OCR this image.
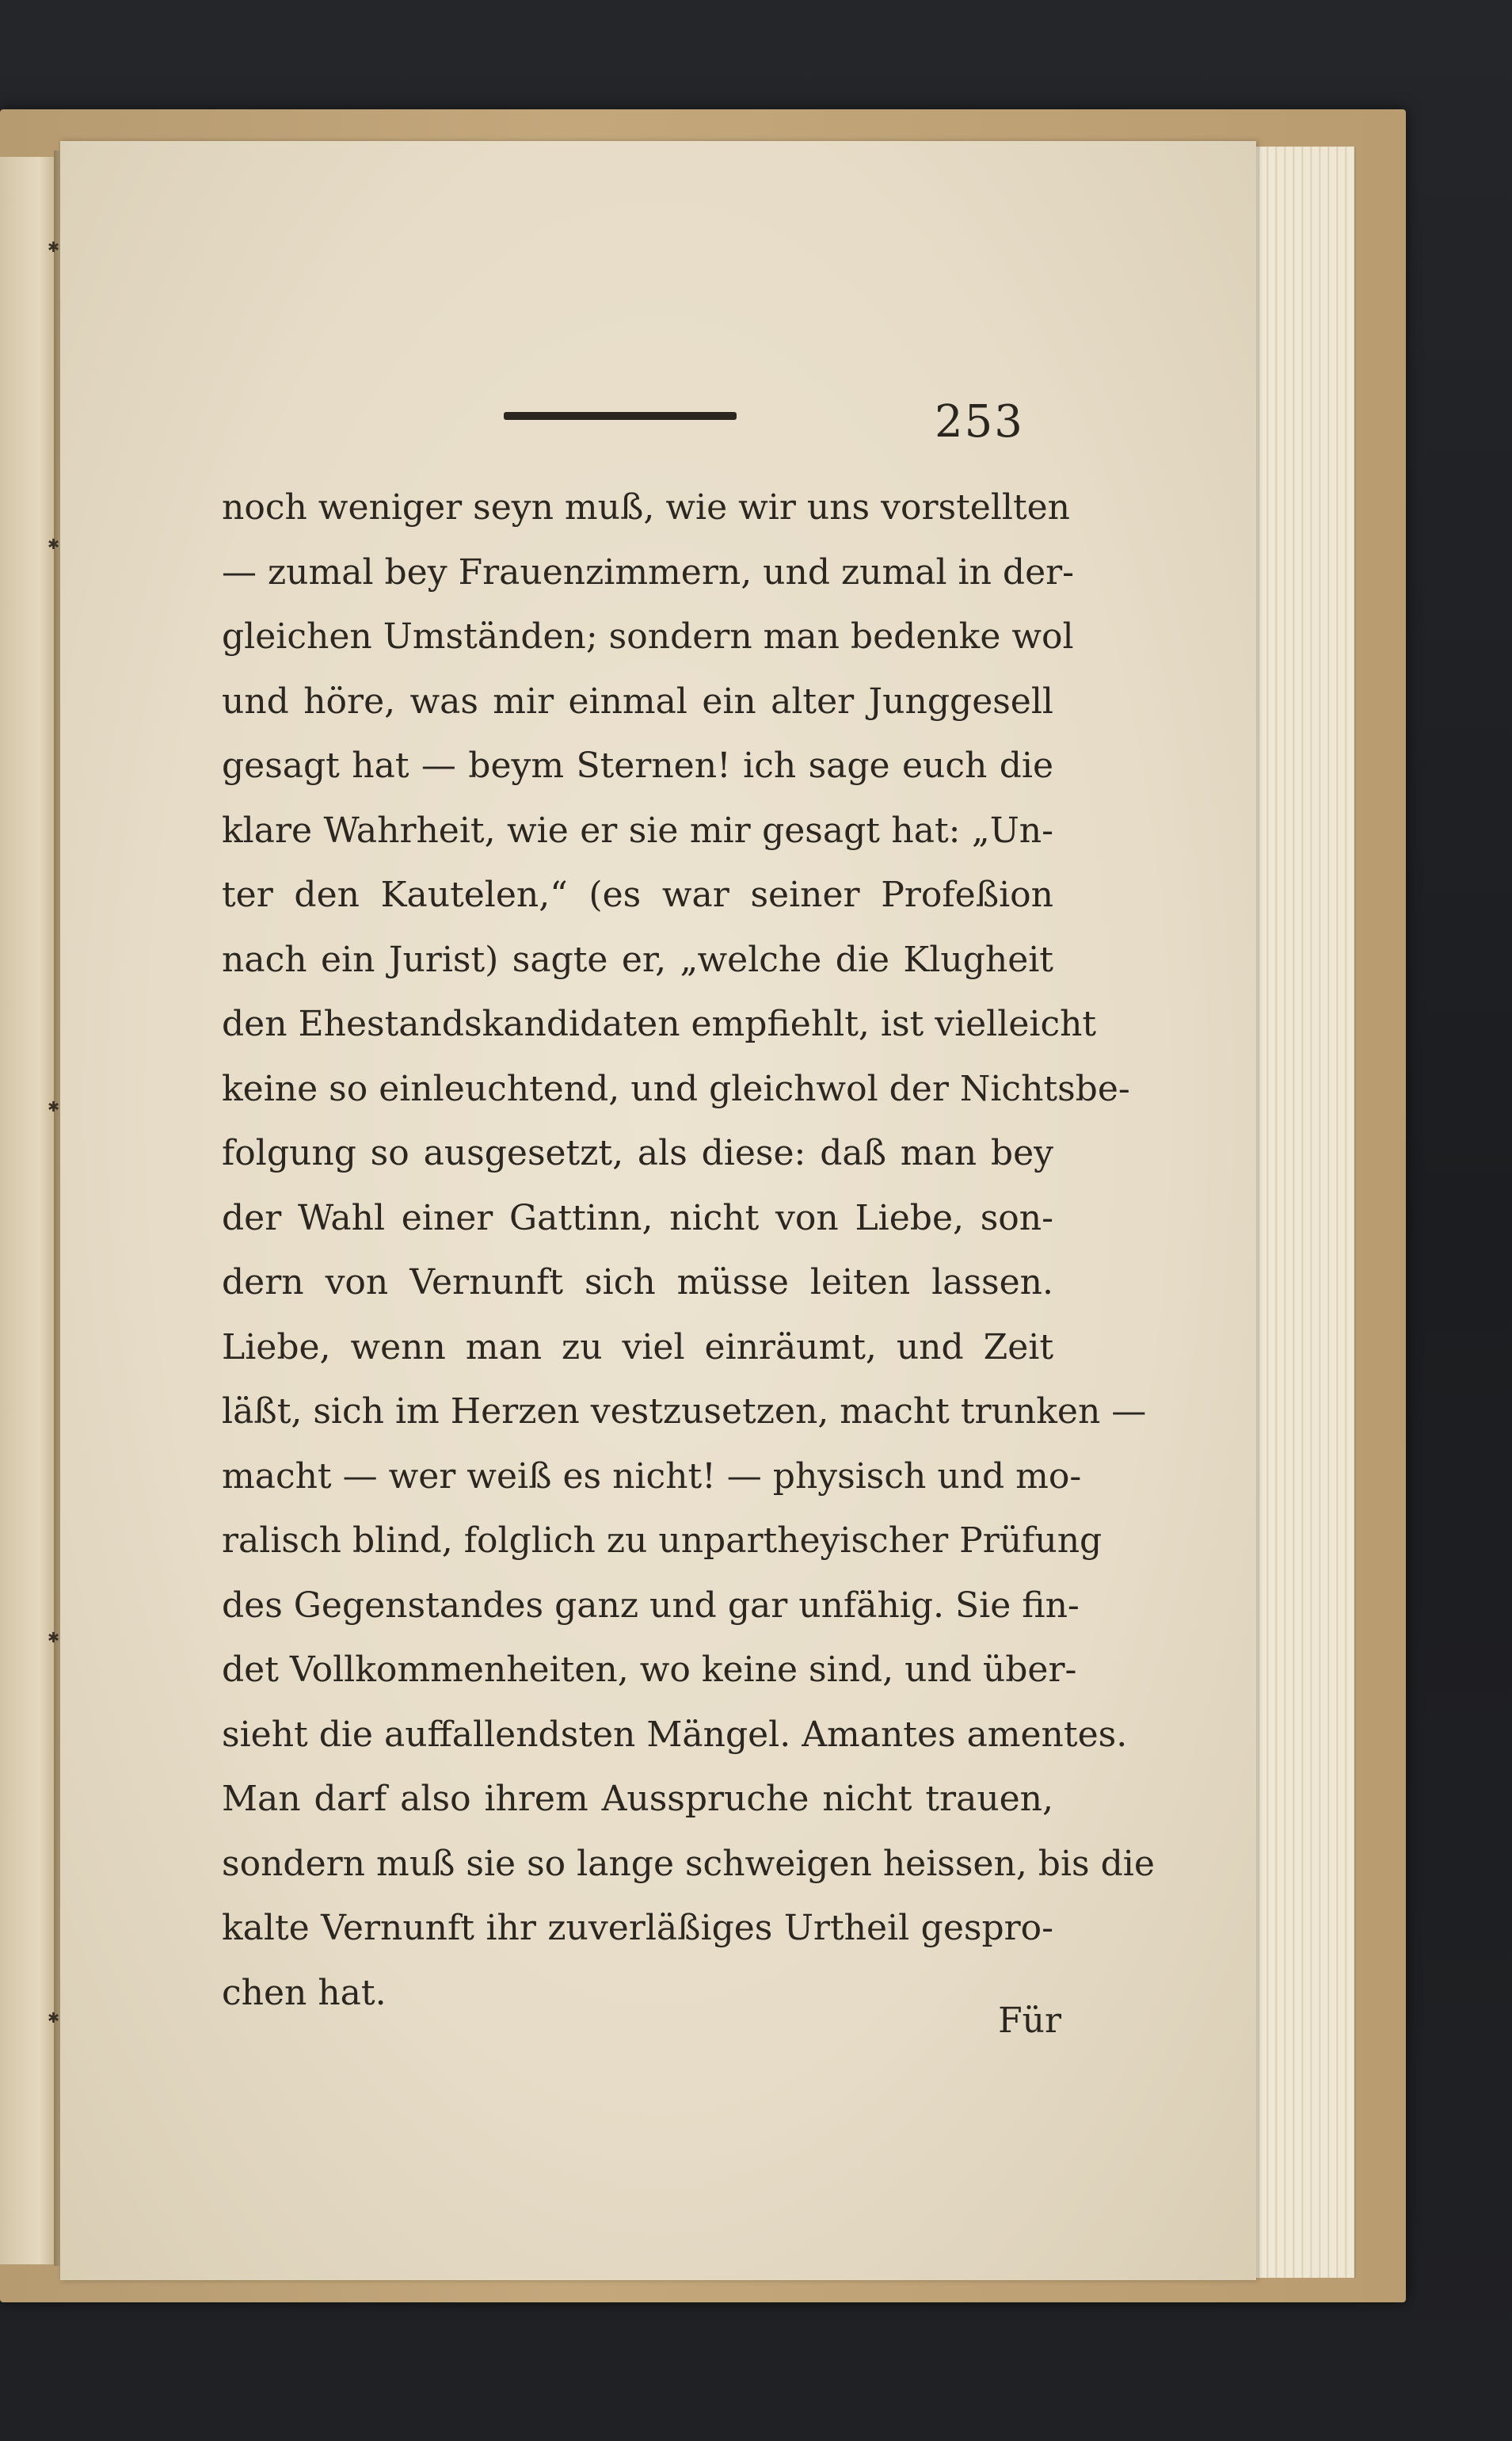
✱
✱
✱
✱
✱
253
noch weniger seyn muß, wie wir uns vorstellten
— zumal bey Frauenzimmern, und zumal in der-
gleichen Umständen; sondern man bedenke wol
und höre, was mir einmal ein alter Junggesell
gesagt hat — beym Sternen! ich sage euch die
klare Wahrheit, wie er sie mir gesagt hat: „Un-
ter den Kautelen,“ (es war seiner Profeßion
nach ein Jurist) sagte er, „welche die Klugheit
den Ehestandskandidaten empfiehlt, ist vielleicht
keine so einleuchtend, und gleichwol der Nichtsbe-
folgung so ausgesetzt, als diese: daß man bey
der Wahl einer Gattinn, nicht von Liebe, son-
dern von Vernunft sich müsse leiten lassen.
Liebe, wenn man zu viel einräumt, und Zeit
läßt, sich im Herzen vestzusetzen, macht trunken —
macht — wer weiß es nicht! — physisch und mo-
ralisch blind, folglich zu unpartheyischer Prüfung
des Gegenstandes ganz und gar unfähig. Sie fin-
det Vollkommenheiten, wo keine sind, und über-
sieht die auffallendsten Mängel. Amantes amentes.
Man darf also ihrem Ausspruche nicht trauen,
sondern muß sie so lange schweigen heissen, bis die
kalte Vernunft ihr zuverläßiges Urtheil gespro-
chen hat.
Für
